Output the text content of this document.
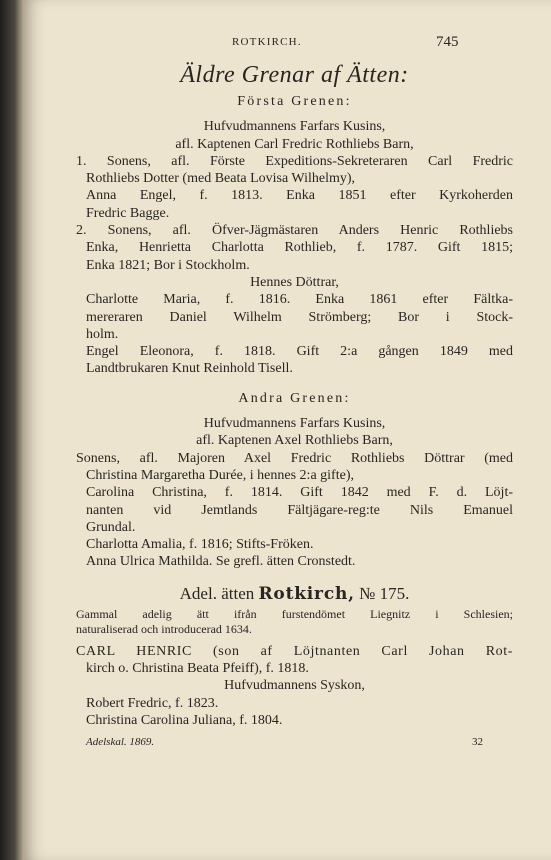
ROTKIRCH.	745
Äldre Grenar af Ätten:
Första Grenen:
Hufvudmannens Farfars Kusins,
afl. Kaptenen Carl Fredric Rothliebs Barn,
1. Sonens, afl. Förste Expeditions-Sekreteraren Carl Fredric
Rothliebs Dotter (med Beata Lovisa Wilhelmy),
Anna Engel, f. 1813. Enka 1851 efter Kyrkoherden
Fredric Bagge.
2. Sonens, afl. Öfver-Jägmästaren Anders Henric Rothliebs
Enka, Henrietta Charlotta Rothlieb, f. 1787. Gift 1815;
Enka 1821; Bor i Stockholm.
Hennes Döttrar,
Charlotte Maria, f. 1816. Enka 1861 efter Fältka-
mereraren Daniel Wilhelm Strömberg; Bor i Stock-
holm.
Engel Eleonora, f. 1818. Gift 2:a gången 1849 med
Landtbrukaren Knut Reinhold Tisell.
Andra Grenen:
Hufvudmannens Farfars Kusins,
afl. Kaptenen Axel Rothliebs Barn,
Sonens, afl. Majoren Axel Fredric Rothliebs Döttrar (med
Christina Margaretha Durée, i hennes 2:a gifte),
Carolina Christina, f. 1814. Gift 1842 med F. d. Löjt-
nanten vid Jemtlands Fältjägare-reg:te Nils Emanuel
Grundal.
Charlotta Amalia, f. 1816; Stifts-Fröken.
Anna Ulrica Mathilda. Se grefl. ätten Cronstedt.
Adel. ätten Rotkirch, № 175.
Gammal adelig ätt ifrån furstendömet Liegnitz i Schlesien;
naturaliserad och introducerad 1634.
CARL HENRIC (son af Löjtnanten Carl Johan Rot-
kirch o. Christina Beata Pfeiff), f. 1818.
Hufvudmannens Syskon,
Robert Fredric, f. 1823.
Christina Carolina Juliana, f. 1804.
Adelskal. 1869.	32
